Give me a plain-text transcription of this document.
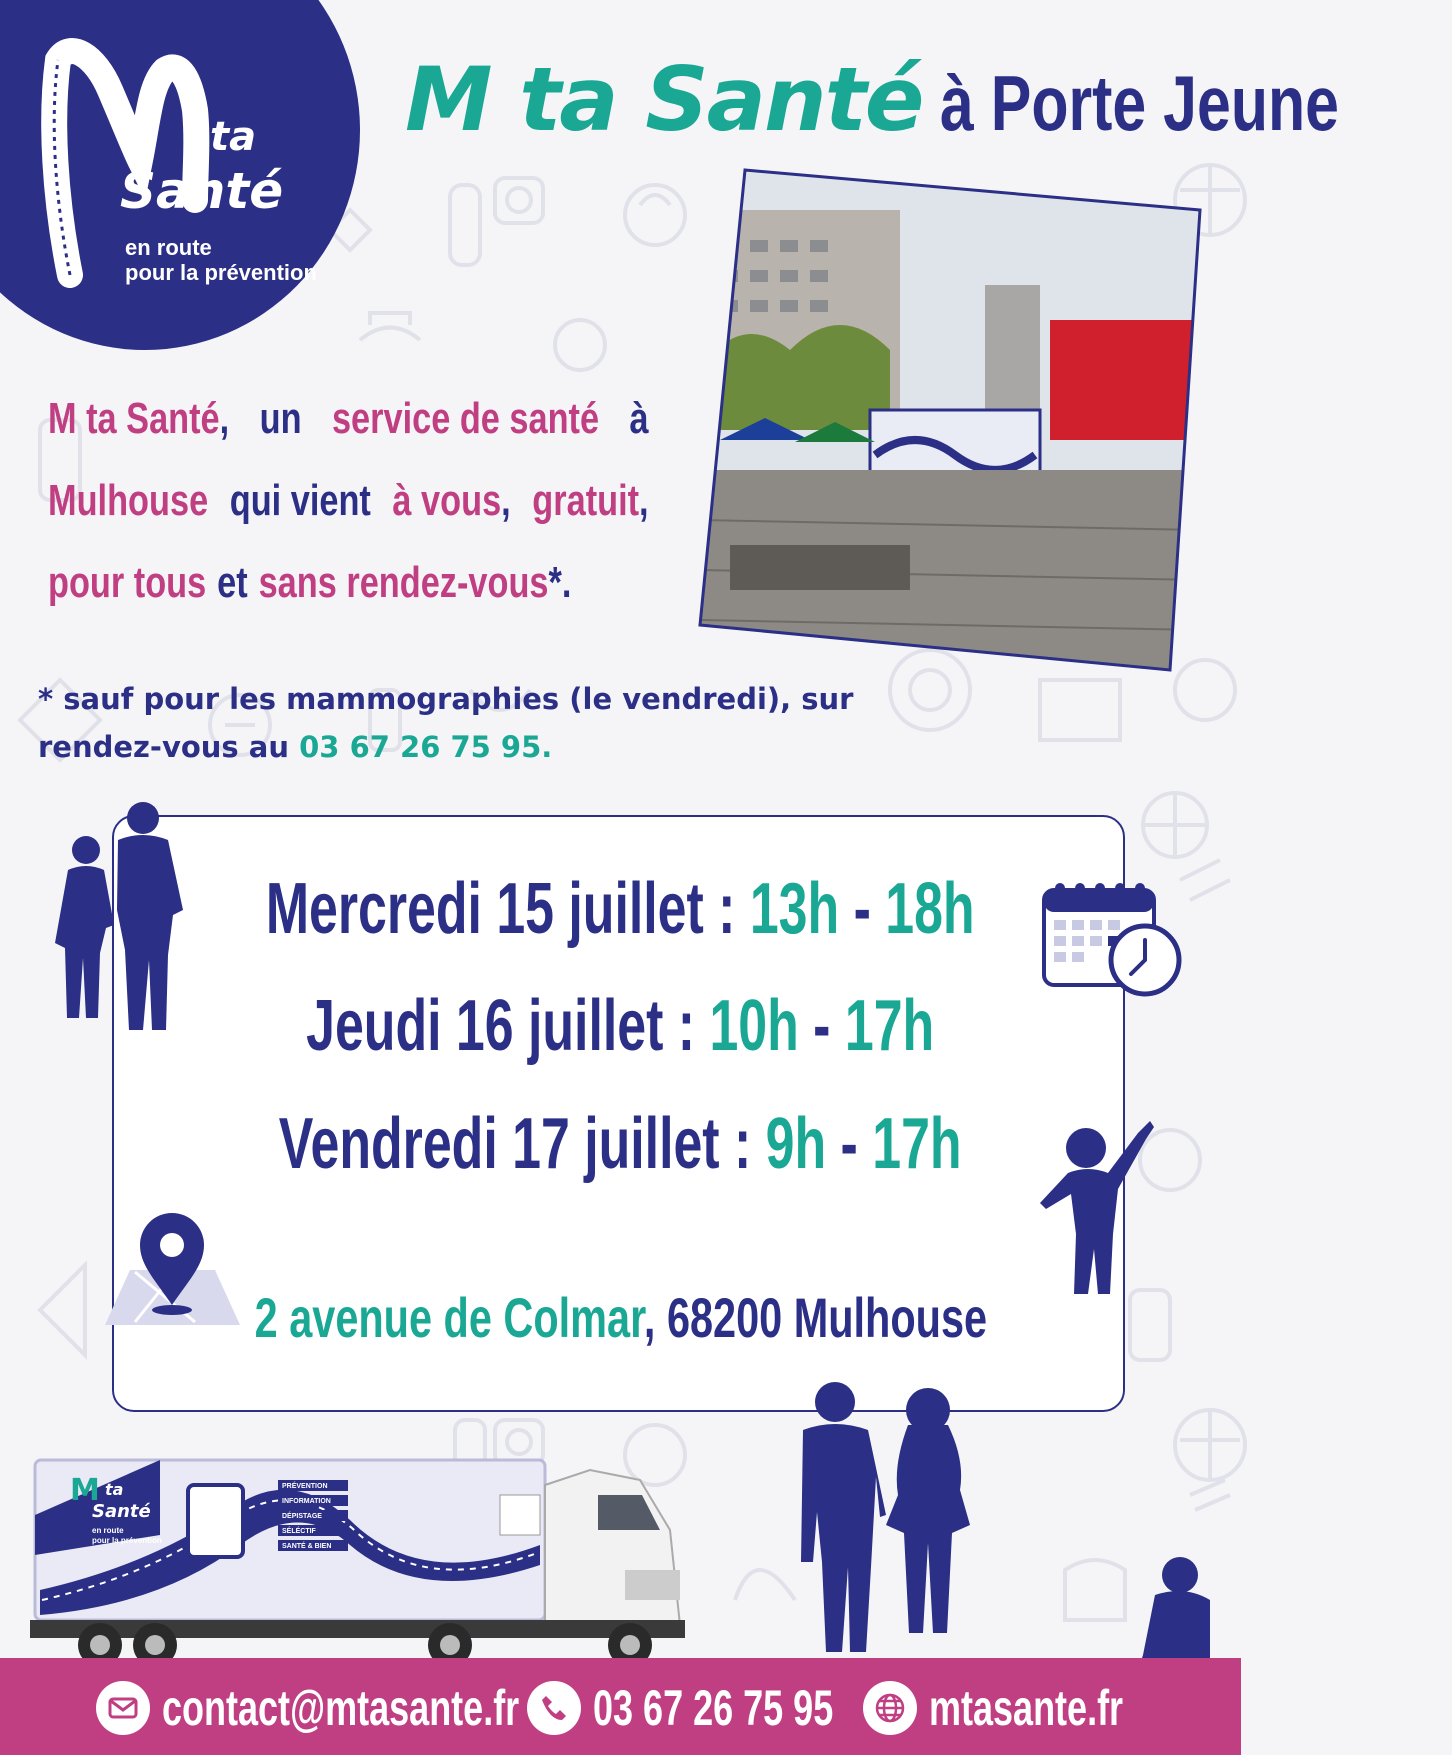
ta
Santé
en route
pour la prévention
M ta Santé à Porte Jeune
M ta Santé, un service de santé à
Mulhouse qui vient à vous, gratuit,
pour tous et sans rendez-vous*.
* sauf pour les mammographies (le vendredi), sur rendez-vous au 03 67 26 75 95.
Mercredi 15 juillet : 13h - 18h
Jeudi 16 juillet : 10h - 17h
Vendredi 17 juillet : 9h - 17h
2 avenue de Colmar, 68200 Mulhouse
M ta
Santé
en route
pour la prévention
PRÉVENTION
INFORMATION
DÉPISTAGE
SÉLÉCTIF
SANTÉ & BIEN
contact@mtasante.fr 03 67 26 75 95 mtasante.fr
